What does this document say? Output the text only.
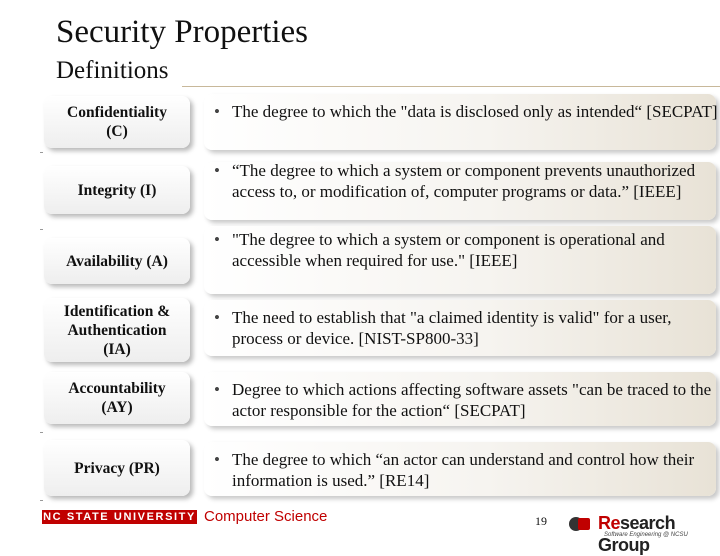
Security Properties
Definitions
Confidentiality
(C)
Integrity (I)
Availability (A)
Identification &
Authentication
(IA)
Accountability
(AY)
Privacy (PR)
• The degree to which the "data is disclosed only as intended“ [SECPAT]
• “The degree to which a system or component prevents unauthorized access to, or modification of, computer programs or data.” [IEEE]
• "The degree to which a system or component is operational and accessible when required for use." [IEEE]
• The need to establish that "a claimed identity is valid" for a user, process or device. [NIST-SP800-33]
• Degree to which actions affecting software assets "can be traced to the actor responsible for the action“ [SECPAT]
• The degree to which “an actor can understand and control how their information is used.” [RE14]
NC STATE UNIVERSITY Computer Science	19	Research Group
Software Engineering @ NCSU
